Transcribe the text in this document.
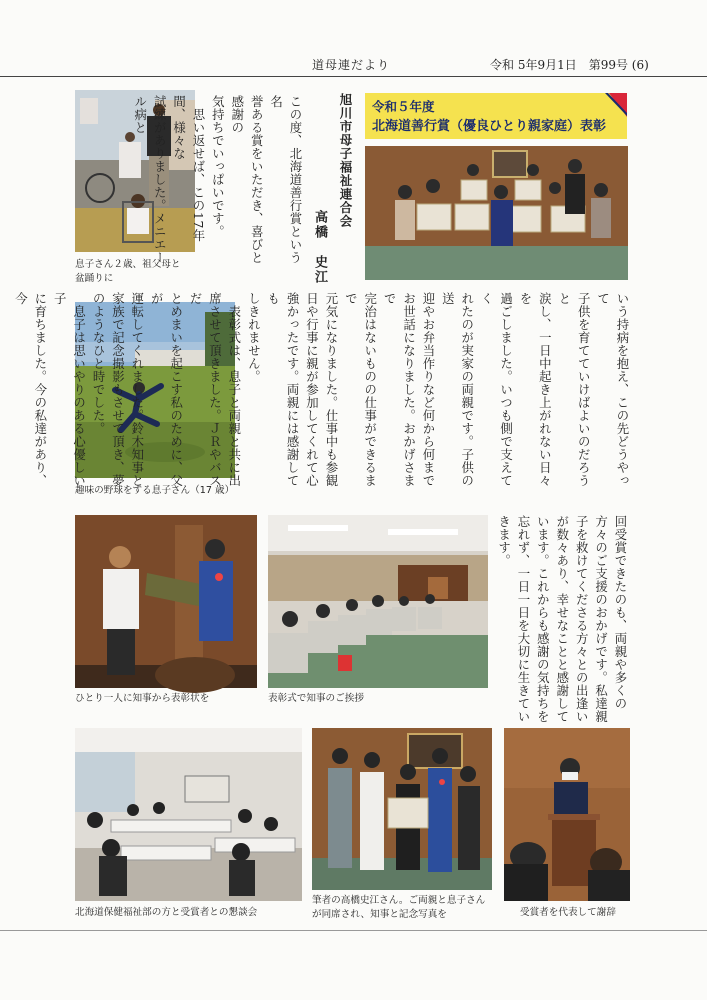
道母連だより	令和 5年9月1日　第99号 (6)
息子さん２歳、祖父母と
盆踊りに
趣味の野球をする息子さん（17 歳）
旭川市母子福祉連合会
高橋　史江
この度、北海道善行賞という名
誉ある賞をいただき、喜びと感謝の
気持ちでいっぱいです。
　思い返せば、この17年間、様々な
試練がありました。メニエール病と	令和５年度
北海道善行賞（優良ひとり親家庭）表彰
いう持病を抱え、この先どうやって
子供を育てていけばよいのだろうと
涙し、一日中起き上がれない日々を
過ごしました。いつも側で支えてく
れたのが実家の両親です。子供の送
迎やお弁当作りなど何から何まで
お世話になりました。おかげさまで
完治はないものの仕事ができるまで
元気になりました。仕事中も参観
日や行事に親が参加してくれて心
強かったです。両親には感謝しても
しきれません。
　表彰式は、息子と両親と共に出
席させて頂きました。ＪＲやバスだ
とめまいを起こす私のために、父が
運転してくれました。鈴木知事と
家族で記念撮影もさせて頂き、夢
のようなひと時でした。
　息子は思いやりのある心優しい子
に育ちました。今の私達があり、今
ひとり一人に知事から表彰状を	表彰式で知事のご挨拶	回受賞できたのも、両親や多くの
方々のご支援のおかげです。私達親
子を救けてくださる方々との出逢い
が数々あり、幸せなことと感謝して
います。これからも感謝の気持ちを
忘れず、一日一日を大切に生きてい
きます。
北海道保健福祉部の方と受賞者との懇談会
筆者の高橋史江さん。ご両親と息子さん
が同席され、知事と記念写真を	受賞者を代表して謝辞
